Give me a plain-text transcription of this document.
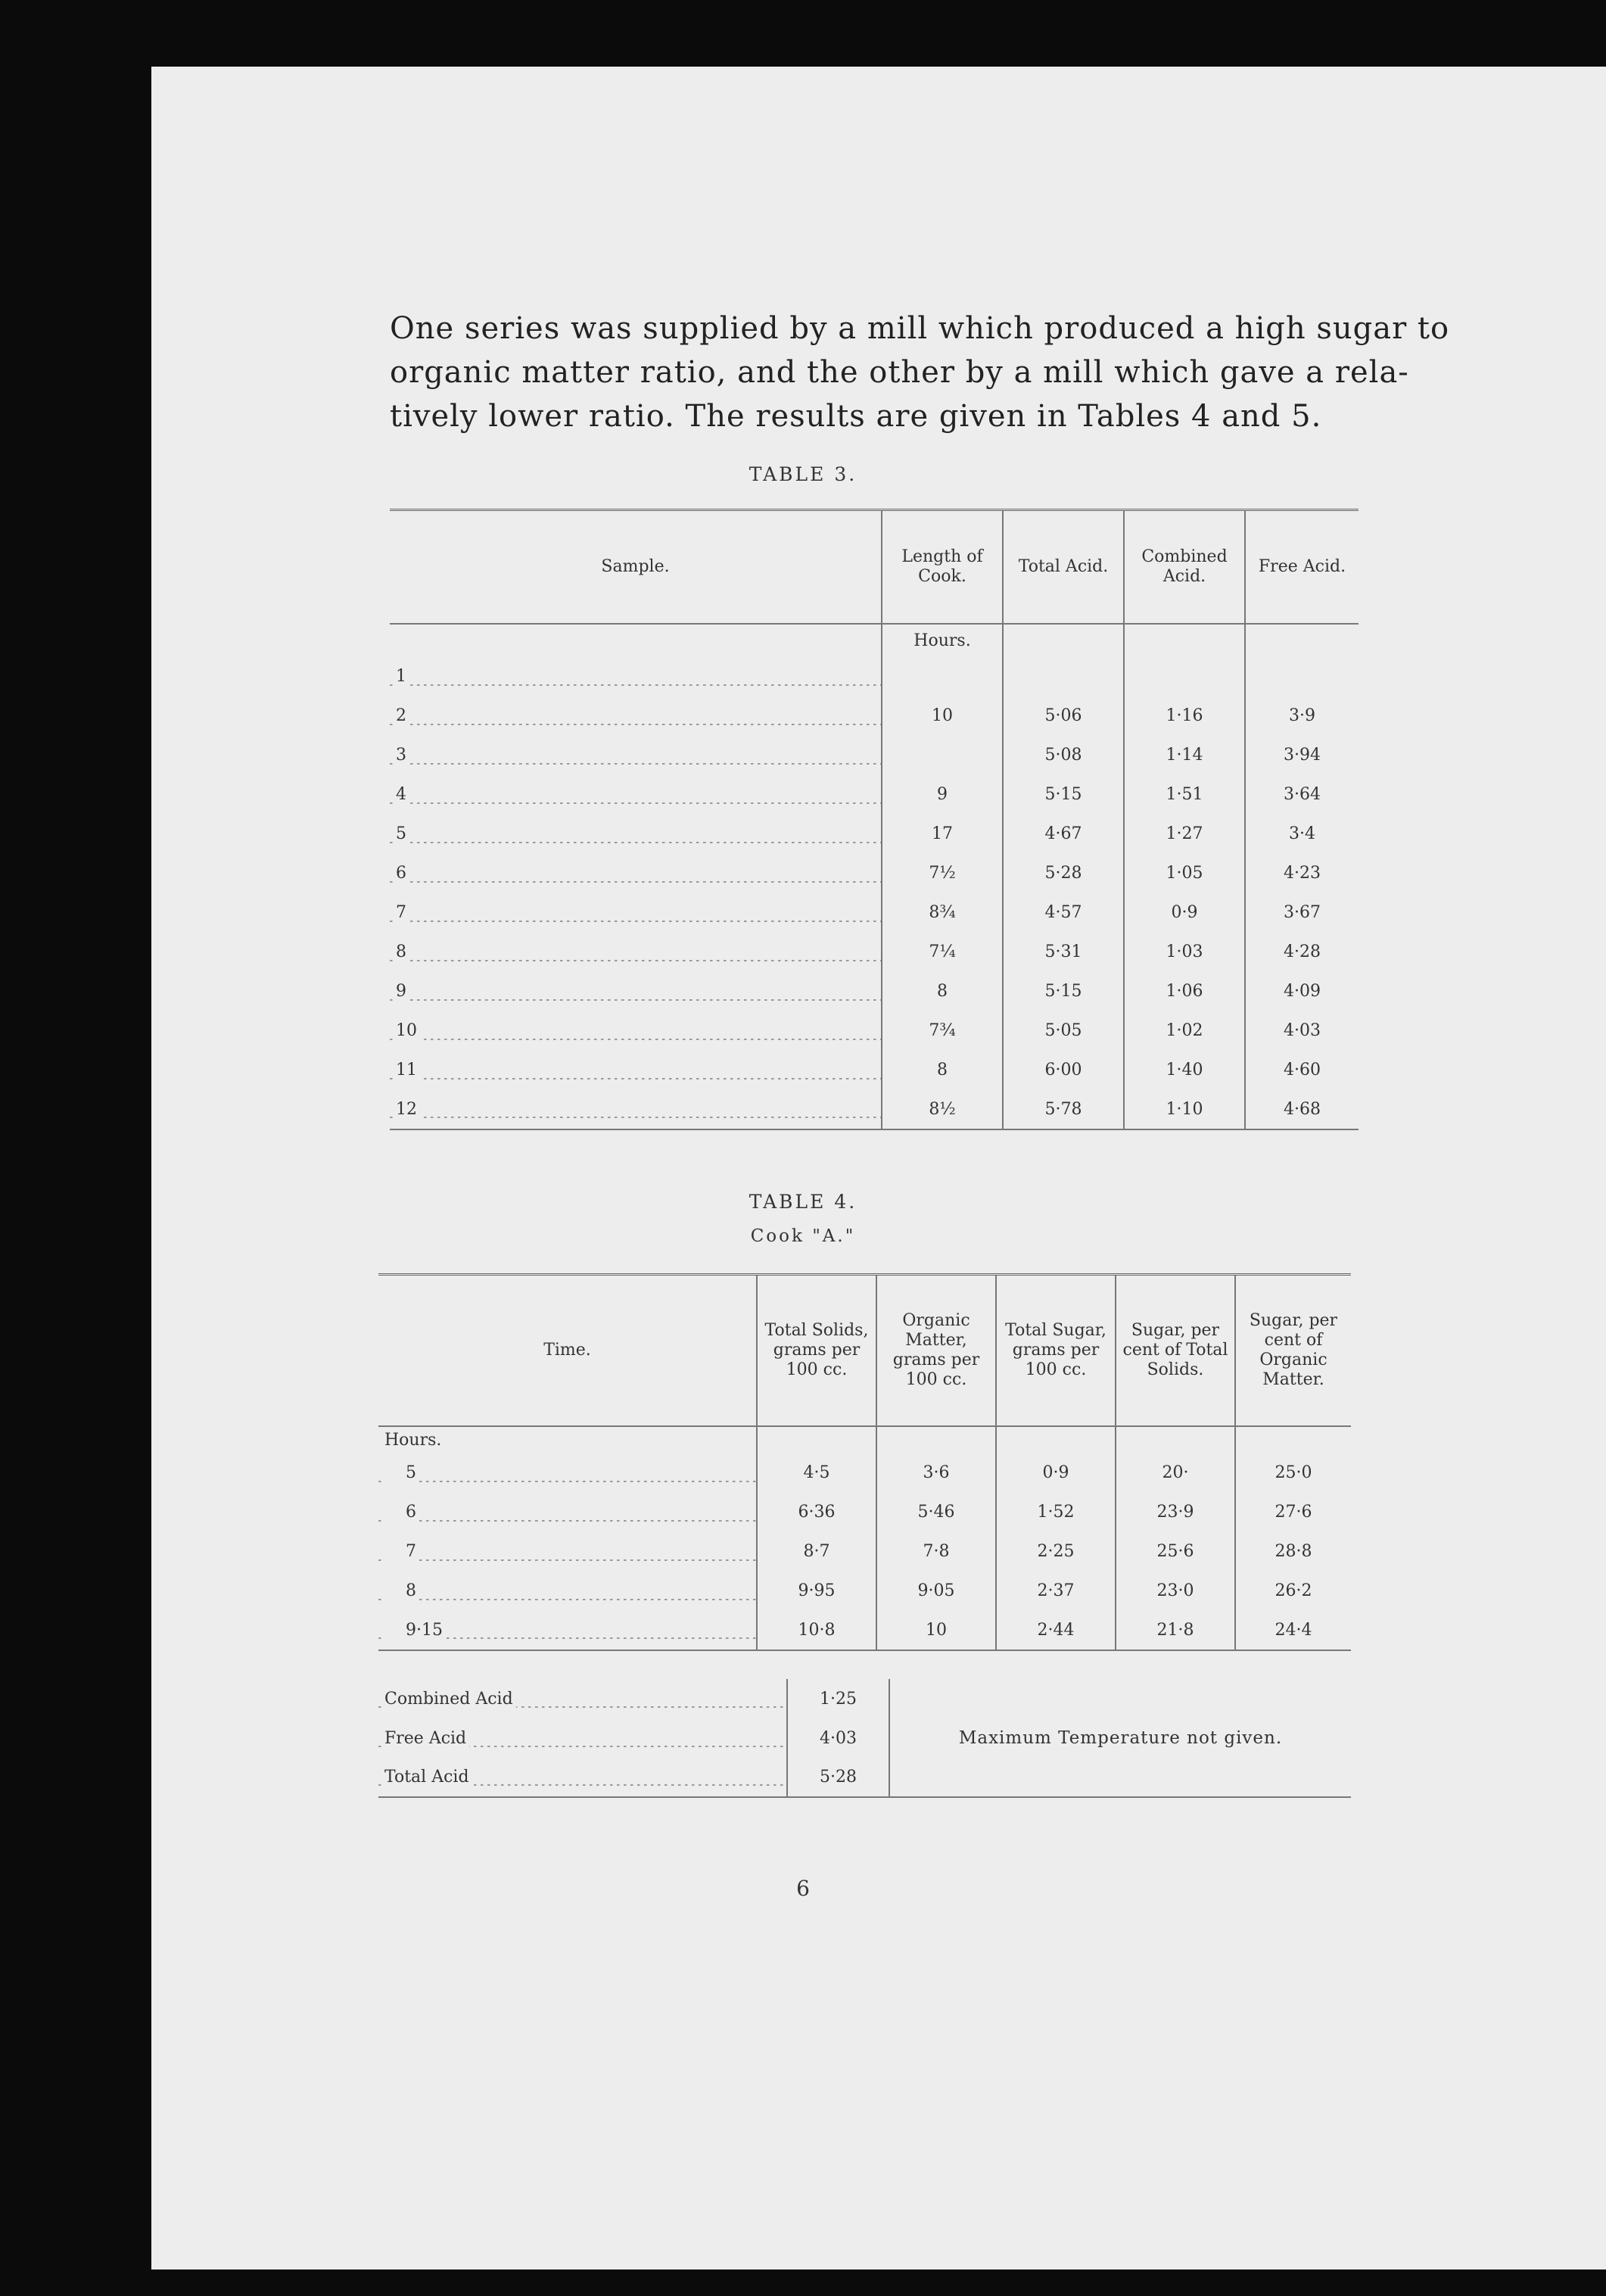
One series was supplied by a mill which produced a high sugar to
organic matter ratio, and the other by a mill which gave a rela-
tively lower ratio. The results are given in Tables 4 and 5.
TABLE 3.
Sample.	Length of Cook.	Total Acid.	Combined Acid.	Free Acid.
	Hours.			
1				
2	10	5·06	1·16	3·9
3		5·08	1·14	3·94
4	9	5·15	1·51	3·64
5	17	4·67	1·27	3·4
6	7½	5·28	1·05	4·23
7	8¾	4·57	0·9	3·67
8	7¼	5·31	1·03	4·28
9	8	5·15	1·06	4·09
10	7¾	5·05	1·02	4·03
11	8	6·00	1·40	4·60
12	8½	5·78	1·10	4·68
TABLE 4.
Cook "A."
Time.	Total Solids, grams per 100 cc.	Organic Matter, grams per 100 cc.	Total Sugar, grams per 100 cc.	Sugar, per cent of Total Solids.	Sugar, per cent of Organic Matter.
Hours.					
5	4·5	3·6	0·9	20·	25·0
6	6·36	5·46	1·52	23·9	27·6
7	8·7	7·8	2·25	25·6	28·8
8	9·95	9·05	2·37	23·0	26·2
9·15	10·8	10	2·44	21·8	24·4
Combined Acid	1·25	Maximum Temperature not given.
Free Acid	4·03	
Total Acid	5·28	
6
